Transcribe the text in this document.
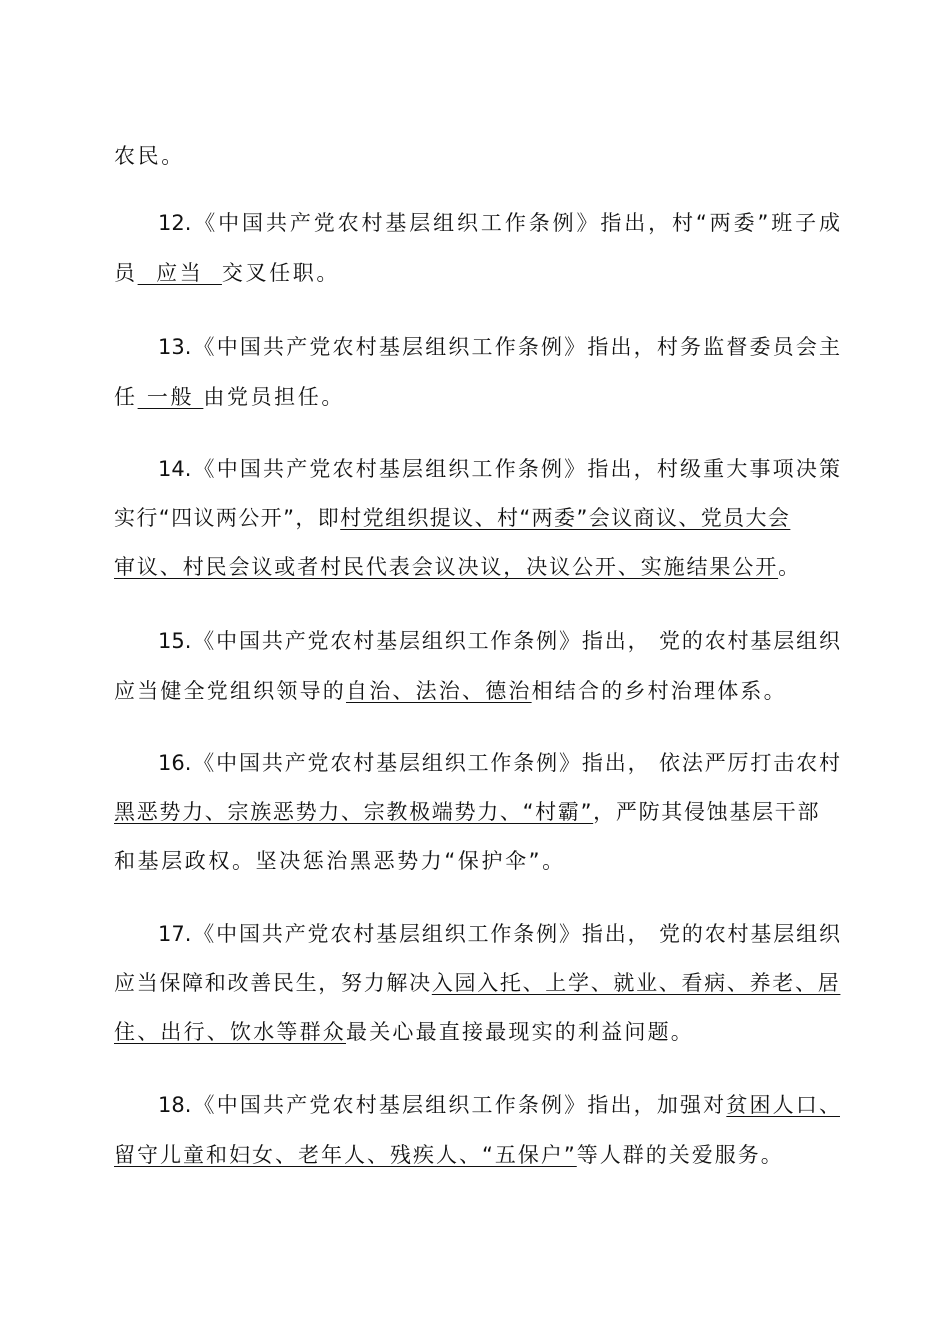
农民。
12.《中国共产党农村基层组织工作条例》指出，村“两委”班子成
员  应当  交叉任职。
13.《中国共产党农村基层组织工作条例》指出，村务监督委员会主
任 一般 由党员担任。
14.《中国共产党农村基层组织工作条例》指出，村级重大事项决策
实行“四议两公开”，即村党组织提议、村“两委”会议商议、党员大会
审议、村民会议或者村民代表会议决议，决议公开、实施结果公开。
15.《中国共产党农村基层组织工作条例》指出， 党的农村基层组织
应当健全党组织领导的自治、法治、德治相结合的乡村治理体系。
16.《中国共产党农村基层组织工作条例》指出， 依法严厉打击农村
黑恶势力、宗族恶势力、宗教极端势力、“村霸”，严防其侵蚀基层干部
和基层政权。坚决惩治黑恶势力“保护伞”。
17.《中国共产党农村基层组织工作条例》指出， 党的农村基层组织
应当保障和改善民生，努力解决入园入托、上学、就业、看病、养老、居
住、出行、饮水等群众最关心最直接最现实的利益问题。
18.《中国共产党农村基层组织工作条例》指出，加强对贫困人口、
留守儿童和妇女、老年人、残疾人、“五保户”等人群的关爱服务。
